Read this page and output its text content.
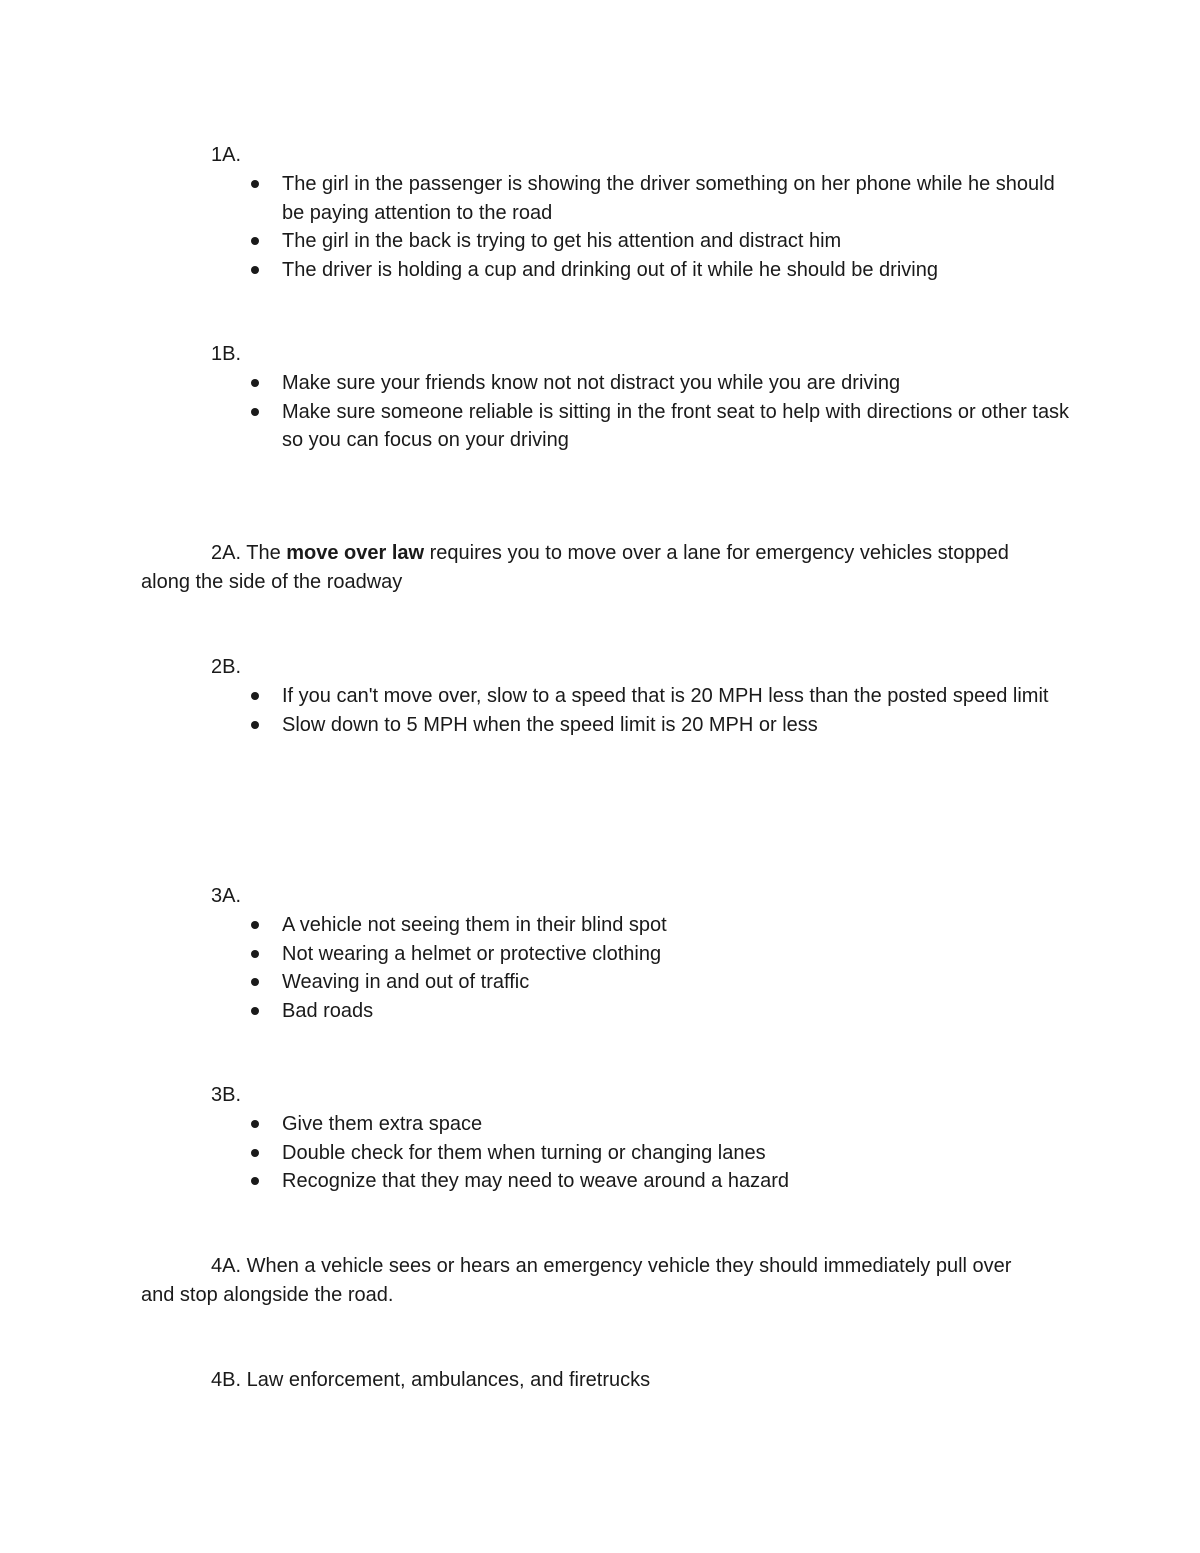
1A.
The girl in the passenger is showing the driver something on her phone while he should be paying attention to the road
The girl in the back is trying to get his attention and distract him
The driver is holding a cup and drinking out of it while he should be driving
1B.
Make sure your friends know not not distract you while you are driving
Make sure someone reliable is sitting in the front seat to help with directions or other task so you can focus on your driving

2A. The move over law requires you to move over a lane for emergency vehicles stopped along the side of the roadway

2B.
If you can't move over, slow to a speed that is 20 MPH less than the posted speed limit
Slow down to 5 MPH when the speed limit is 20 MPH or less
3A.
A vehicle not seeing them in their blind spot
Not wearing a helmet or protective clothing
Weaving in and out of traffic
Bad roads
3B.
Give them extra space
Double check for them when turning or changing lanes
Recognize that they may need to weave around a hazard

4A. When a vehicle sees or hears an emergency vehicle they should immediately pull over and stop alongside the road.

4B. Law enforcement, ambulances, and firetrucks
